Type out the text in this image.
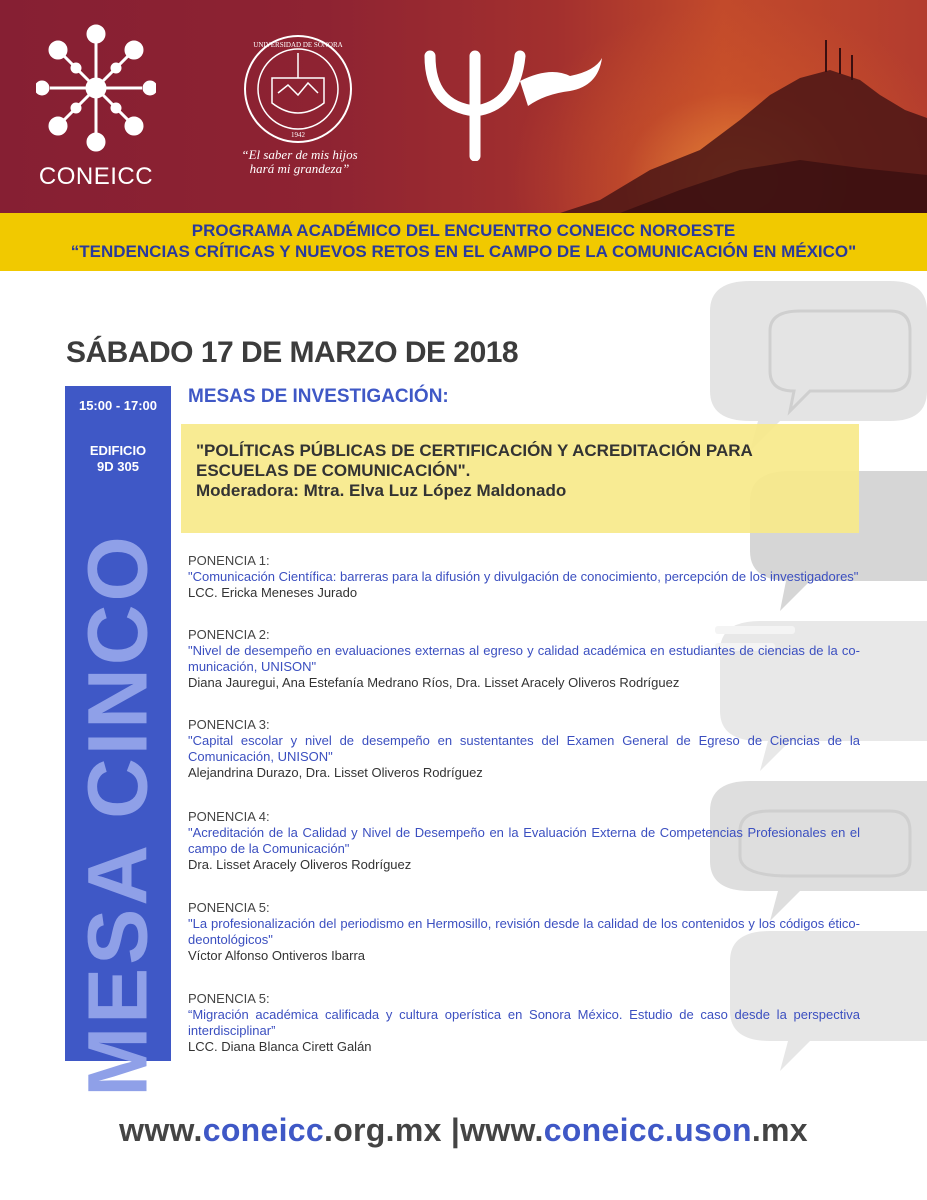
CONEICC
UNIVERSIDAD DE SONORA
1942
“El saber de mis hijos
hará mi grandeza”
PROGRAMA ACADÉMICO DEL ENCUENTRO CONEICC NOROESTE
“TENDENCIAS CRÍTICAS Y NUEVOS RETOS EN EL CAMPO DE LA COMUNICACIÓN EN MÉXICO"
SÁBADO 17 DE MARZO DE 2018
15:00 - 17:00
EDIFICIO
9D 305
MESA CINCO
MESAS DE INVESTIGACIÓN:
"POLÍTICAS PÚBLICAS DE CERTIFICACIÓN Y ACREDITACIÓN PARA ESCUELAS DE COMUNICACIÓN".
Moderadora: Mtra. Elva Luz López Maldonado
PONENCIA 1:
"Comunicación Científica: barreras para la difusión y divulgación de conocimiento, percepción de los investigadores"
LCC. Ericka Meneses Jurado
PONENCIA 2:
"Nivel de desempeño en evaluaciones externas al egreso y calidad académica en estudiantes de ciencias de la co-municación, UNISON"
Diana Jauregui, Ana Estefanía Medrano Ríos, Dra. Lisset Aracely Oliveros Rodríguez
PONENCIA 3:
"Capital escolar y nivel de desempeño en sustentantes del Examen General de Egreso de Ciencias de la Comunicación, UNISON"
Alejandrina Durazo, Dra. Lisset Oliveros Rodríguez
PONENCIA 4:
"Acreditación de la Calidad y Nivel de Desempeño en la Evaluación Externa de Competencias Profesionales en el campo de la Comunicación"
Dra. Lisset Aracely Oliveros Rodríguez
PONENCIA 5:
"La profesionalización del periodismo en Hermosillo, revisión desde la calidad de los contenidos y los códigos ético-deontológicos"
Víctor Alfonso Ontiveros Ibarra
PONENCIA 5:
“Migración académica calificada y cultura operística en Sonora México. Estudio de caso desde la perspectiva interdisciplinar”
LCC. Diana Blanca Cirett Galán
www.coneicc.org.mx |www.coneicc.uson.mx
